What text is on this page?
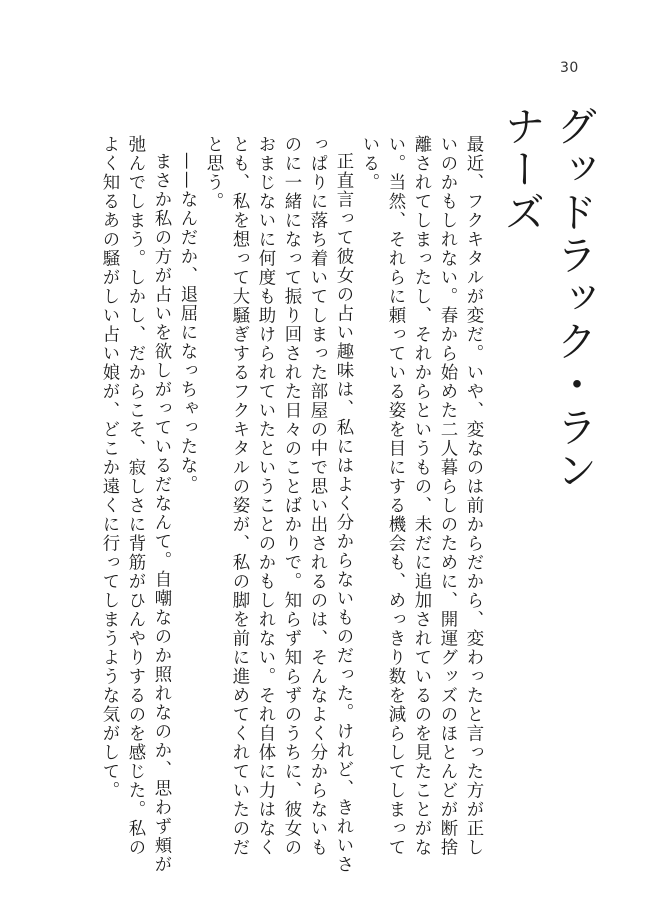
30
グッドラック・ランナーズ

最近、フクキタルが変だ。いや、変なのは前からだから、変わったと言った方が正しいのかもしれない。春から始めた二人暮らしのために、開運グッズのほとんどが断捨離されてしまったし、それからというもの、未だに追加されているのを見たことがない。当然、それらに頼っている姿を目にする機会も、めっきり数を減らしてしまっている。

正直言って彼女の占い趣味は、私にはよく分からないものだった。けれど、きれいさっぱりに落ち着いてしまった部屋の中で思い出されるのは、そんなよく分からないものに一緒になって振り回された日々のことばかりで。知らず知らずのうちに、彼女のおまじないに何度も助けられていたということのかもしれない。それ自体に力はなくとも、私を想って大騒ぎするフクキタルの姿が、私の脚を前に進めてくれていたのだと思う。

——なんだか、退屈になっちゃったな。

まさか私の方が占いを欲しがっているだなんて。自嘲なのか照れなのか、思わず頬が弛んでしまう。しかし、だからこそ、寂しさに背筋がひんやりするのを感じた。私のよく知るあの騒がしい占い娘が、どこか遠くに行ってしまうような気がして。
